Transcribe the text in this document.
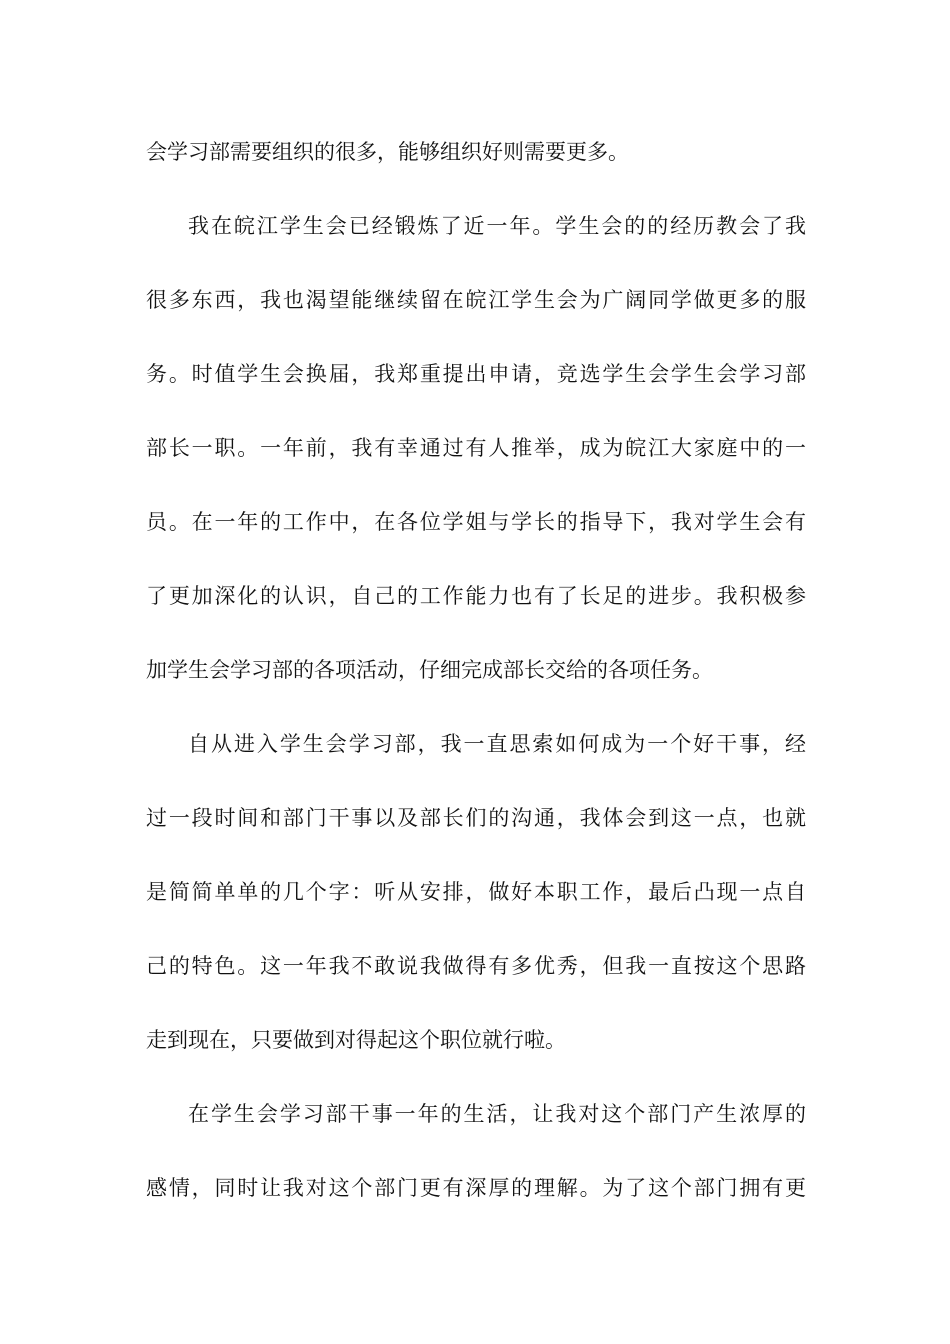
会学习部需要组织的很多，能够组织好则需要更多。
我在皖江学生会已经锻炼了近一年。学生会的的经历教会了我
很多东西，我也渴望能继续留在皖江学生会为广阔同学做更多的服
务。时值学生会换届，我郑重提出申请，竞选学生会学生会学习部
部长一职。一年前，我有幸通过有人推举，成为皖江大家庭中的一
员。在一年的工作中，在各位学姐与学长的指导下，我对学生会有
了更加深化的认识，自己的工作能力也有了长足的进步。我积极参
加学生会学习部的各项活动，仔细完成部长交给的各项任务。
自从进入学生会学习部，我一直思索如何成为一个好干事，经
过一段时间和部门干事以及部长们的沟通，我体会到这一点，也就
是简简单单的几个字：听从安排，做好本职工作，最后凸现一点自
己的特色。这一年我不敢说我做得有多优秀，但我一直按这个思路
走到现在，只要做到对得起这个职位就行啦。
在学生会学习部干事一年的生活，让我对这个部门产生浓厚的
感情，同时让我对这个部门更有深厚的理解。为了这个部门拥有更
